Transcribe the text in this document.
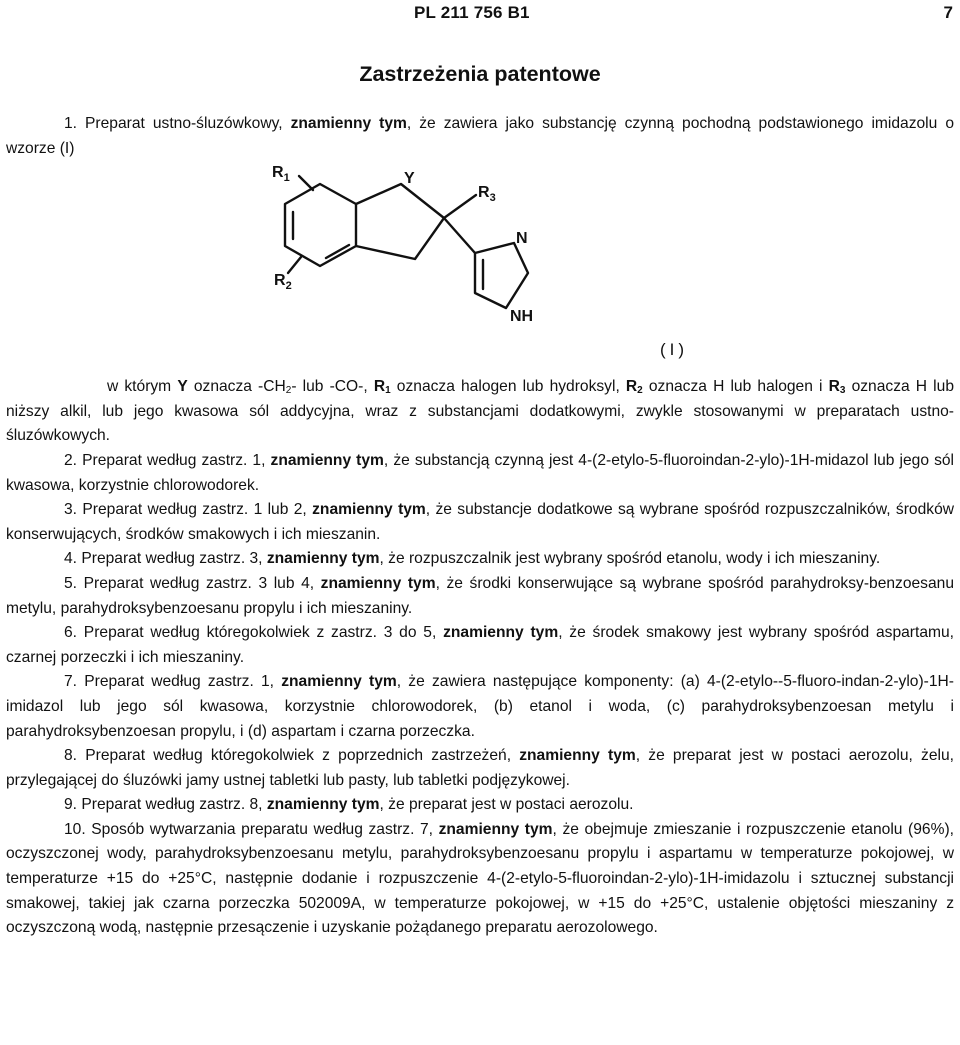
PL 211 756 B1	7
Zastrzeżenia patentowe

1. Preparat ustno-śluzówkowy, znamienny tym, że zawiera jako substancję czynną pochodną podstawionego imidazolu o wzorze (I)

$R_1$
$R_2$
$R_3$
Y
N
NH
(I)

w którym Y oznacza $-CH_2-$ lub -CO-, $R_1$ oznacza halogen lub hydroksyl, $R_2$ oznacza H lub halogen i $R_3$ oznacza H lub niższy alkil, lub jego kwasowa sól addycyjna, wraz z substancjami dodatkowymi, zwykle stosowanymi w preparatach ustno-śluzówkowych.

2. Preparat według zastrz. 1, znamienny tym, że substancją czynną jest 4-(2-etylo-5-fluoroindan-2-ylo)-1H-midazol lub jego sól kwasowa, korzystnie chlorowodorek.

3. Preparat według zastrz. 1 lub 2, znamienny tym, że substancje dodatkowe są wybrane spośród rozpuszczalników, środków konserwujących, środków smakowych i ich mieszanin.

4. Preparat według zastrz. 3, znamienny tym, że rozpuszczalnik jest wybrany spośród etanolu, wody i ich mieszaniny.

5. Preparat według zastrz. 3 lub 4, znamienny tym, że środki konserwujące są wybrane spośród parahydroksy-benzoesanu metylu, parahydroksybenzoesanu propylu i ich mieszaniny.

6. Preparat według któregokolwiek z zastrz. 3 do 5, znamienny tym, że środek smakowy jest wybrany spośród aspartamu, czarnej porzeczki i ich mieszaniny.

7. Preparat według zastrz. 1, znamienny tym, że zawiera następujące komponenty: (a) 4-(2-etylo--5-fluoro-indan-2-ylo)-1H-imidazol lub jego sól kwasowa, korzystnie chlorowodorek, (b) etanol i woda, (c) parahydroksybenzoesan metylu i parahydroksybenzoesan propylu, i (d) aspartam i czarna porzeczka.

8. Preparat według któregokolwiek z poprzednich zastrzeżeń, znamienny tym, że preparat jest w postaci aerozolu, żelu, przylegającej do śluzówki jamy ustnej tabletki lub pasty, lub tabletki podjęzykowej.

9. Preparat według zastrz. 8, znamienny tym, że preparat jest w postaci aerozolu.

10. Sposób wytwarzania preparatu według zastrz. 7, znamienny tym, że obejmuje zmieszanie i rozpuszczenie etanolu (96%), oczyszczonej wody, parahydroksybenzoesanu metylu, parahydroksybenzoesanu propylu i aspartamu w temperaturze pokojowej, w temperaturze +15 do +25°C, następnie dodanie i rozpuszczenie 4-(2-etylo-5-fluoroindan-2-ylo)-1H-imidazolu i sztucznej substancji smakowej, takiej jak czarna porzeczka 502009A, w temperaturze pokojowej, w +15 do +25°C, ustalenie objętości mieszaniny z oczyszczoną wodą, następnie przesączenie i uzyskanie pożądanego preparatu aerozolowego.
